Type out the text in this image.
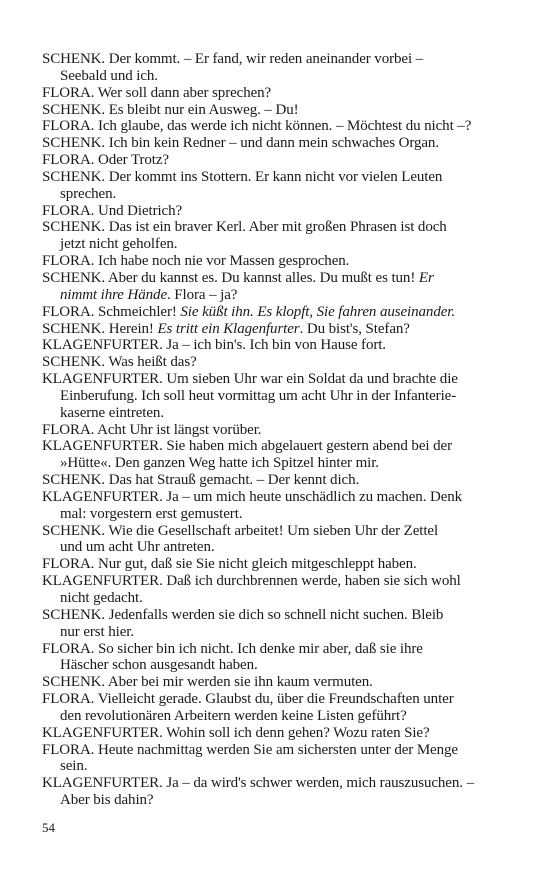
SCHENK. Der kommt. – Er fand, wir reden aneinander vorbei –
Seebald und ich.
FLORA. Wer soll dann aber sprechen?
SCHENK. Es bleibt nur ein Ausweg. – Du!
FLORA. Ich glaube, das werde ich nicht können. – Möchtest du nicht –?
SCHENK. Ich bin kein Redner – und dann mein schwaches Organ.
FLORA. Oder Trotz?
SCHENK. Der kommt ins Stottern. Er kann nicht vor vielen Leuten
sprechen.
FLORA. Und Dietrich?
SCHENK. Das ist ein braver Kerl. Aber mit großen Phrasen ist doch
jetzt nicht geholfen.
FLORA. Ich habe noch nie vor Massen gesprochen.
SCHENK. Aber du kannst es. Du kannst alles. Du mußt es tun! Er
nimmt ihre Hände. Flora – ja?
FLORA. Schmeichler! Sie küßt ihn. Es klopft, Sie fahren auseinander.
SCHENK. Herein! Es tritt ein Klagenfurter. Du bist's, Stefan?
KLAGENFURTER. Ja – ich bin's. Ich bin von Hause fort.
SCHENK. Was heißt das?
KLAGENFURTER. Um sieben Uhr war ein Soldat da und brachte die
Einberufung. Ich soll heut vormittag um acht Uhr in der Infanterie-
kaserne eintreten.
FLORA. Acht Uhr ist längst vorüber.
KLAGENFURTER. Sie haben mich abgelauert gestern abend bei der
»Hütte«. Den ganzen Weg hatte ich Spitzel hinter mir.
SCHENK. Das hat Strauß gemacht. – Der kennt dich.
KLAGENFURTER. Ja – um mich heute unschädlich zu machen. Denk
mal: vorgestern erst gemustert.
SCHENK. Wie die Gesellschaft arbeitet! Um sieben Uhr der Zettel
und um acht Uhr antreten.
FLORA. Nur gut, daß sie Sie nicht gleich mitgeschleppt haben.
KLAGENFURTER. Daß ich durchbrennen werde, haben sie sich wohl
nicht gedacht.
SCHENK. Jedenfalls werden sie dich so schnell nicht suchen. Bleib
nur erst hier.
FLORA. So sicher bin ich nicht. Ich denke mir aber, daß sie ihre
Häscher schon ausgesandt haben.
SCHENK. Aber bei mir werden sie ihn kaum vermuten.
FLORA. Vielleicht gerade. Glaubst du, über die Freundschaften unter
den revolutionären Arbeitern werden keine Listen geführt?
KLAGENFURTER. Wohin soll ich denn gehen? Wozu raten Sie?
FLORA. Heute nachmittag werden Sie am sichersten unter der Menge
sein.
KLAGENFURTER. Ja – da wird's schwer werden, mich rauszusuchen. –
Aber bis dahin?
54
